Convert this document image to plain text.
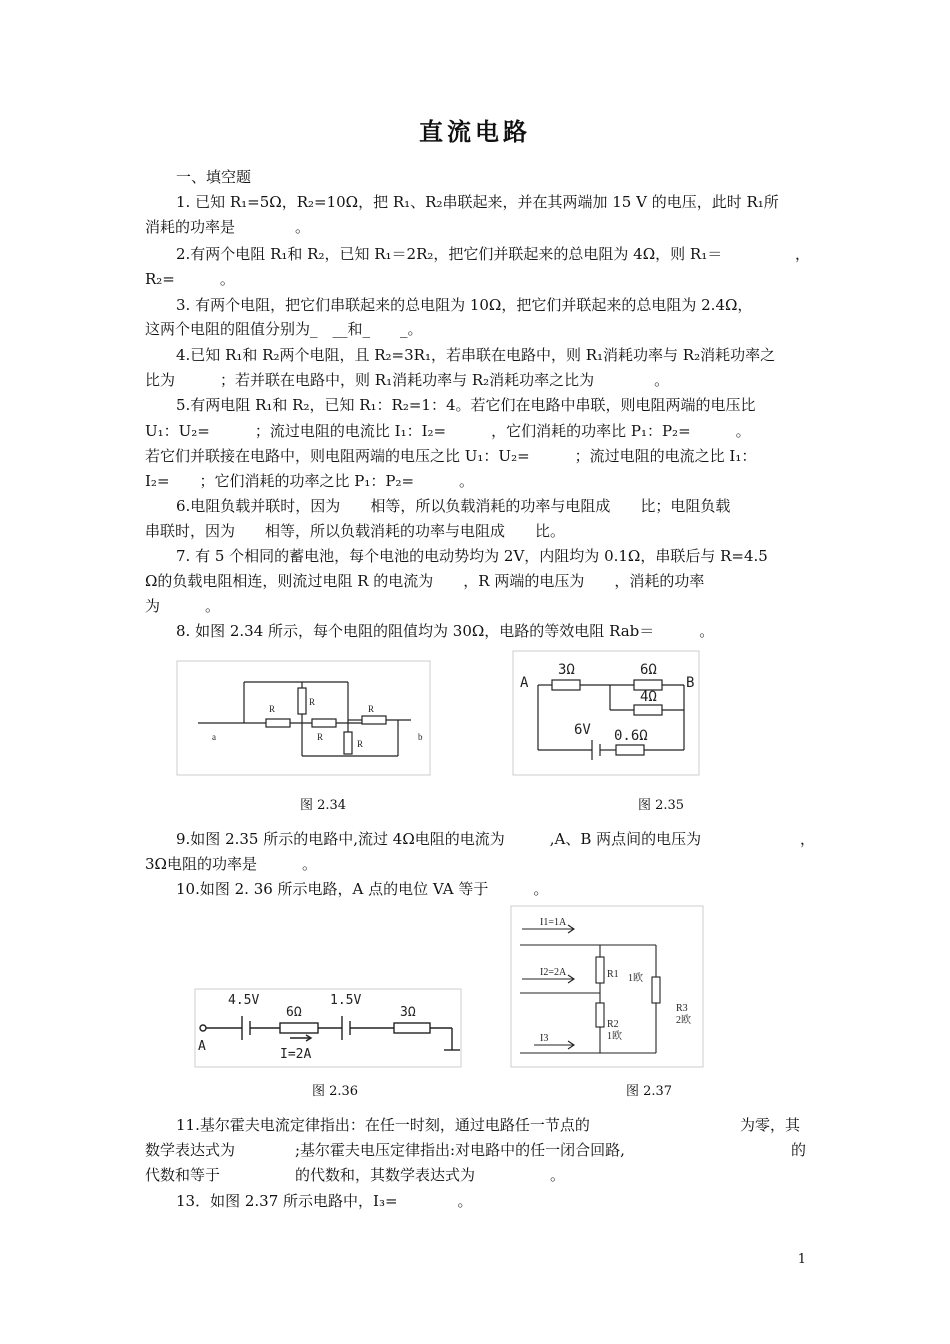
直流电路
一、填空题
1. 已知 R₁=5Ω，R₂=10Ω，把 R₁、R₂串联起来，并在其两端加 15 V 的电压，此时 R₁所
消耗的功率是　　　　。
2.有两个电阻 R₁和 R₂，已知 R₁＝2R₂，把它们并联起来的总电阻为 4Ω，则 R₁＝	，
R₂=　　　。
3. 有两个电阻，把它们串联起来的总电阻为 10Ω，把它们并联起来的总电阻为 2.4Ω，
这两个电阻的阻值分别为_　__和_　　_。
4.已知 R₁和 R₂两个电阻，且 R₂=3R₁，若串联在电路中，则 R₁消耗功率与 R₂消耗功率之
比为　　　；若并联在电路中，则 R₁消耗功率与 R₂消耗功率之比为　　　　。
5.有两电阻 R₁和 R₂，已知 R₁：R₂=1：4。若它们在电路中串联，则电阻两端的电压比
U₁：U₂=　　　；流过电阻的电流比 I₁：I₂=　　　，它们消耗的功率比 P₁：P₂=　　　。
若它们并联接在电路中，则电阻两端的电压之比 U₁：U₂=　　　；流过电阻的电流之比 I₁：
I₂=　　；它们消耗的功率之比 P₁：P₂=　　　。
6.电阻负载并联时，因为　　相等，所以负载消耗的功率与电阻成　　比；电阻负载
串联时，因为　　相等，所以负载消耗的功率与电阻成　　比。
7. 有 5 个相同的蓄电池，每个电池的电动势均为 2V，内阻均为 0.1Ω，串联后与 R=4.5
Ω的负载电阻相连，则流过电阻 R 的电流为　　，R 两端的电压为　　，消耗的功率
为　　　。
8. 如图 2.34 所示，每个电阻的阻值均为 30Ω，电路的等效电阻 Rab＝　　　。
R
R
R
R
R
a	b
图 2.34
A	B
3Ω	6Ω
4Ω
6V 0.6Ω
图 2.35
9.如图 2.35 所示的电路中,流过 4Ω电阻的电流为　　　,A、B 两点间的电压为	，
3Ω电阻的功率是　　　。
10.如图 2. 36 所示电路，A 点的电位 VA 等于　　　。
4.5V
6Ω
1.5V
3Ω
A
I=2A
图 2.36
I1=1A
I2=2A
I3
R1 1欧
R2
1欧
R3
2欧
图 2.37
11.基尔霍夫电流定律指出：在任一时刻，通过电路任一节点的	为零，其
数学表达式为　　　　;基尔霍夫电压定律指出:对电路中的任一闭合回路,	的
代数和等于　　　　　的代数和，其数学表达式为　　　　　。
13．如图 2.37 所示电路中，I₃=　　　　。
1
